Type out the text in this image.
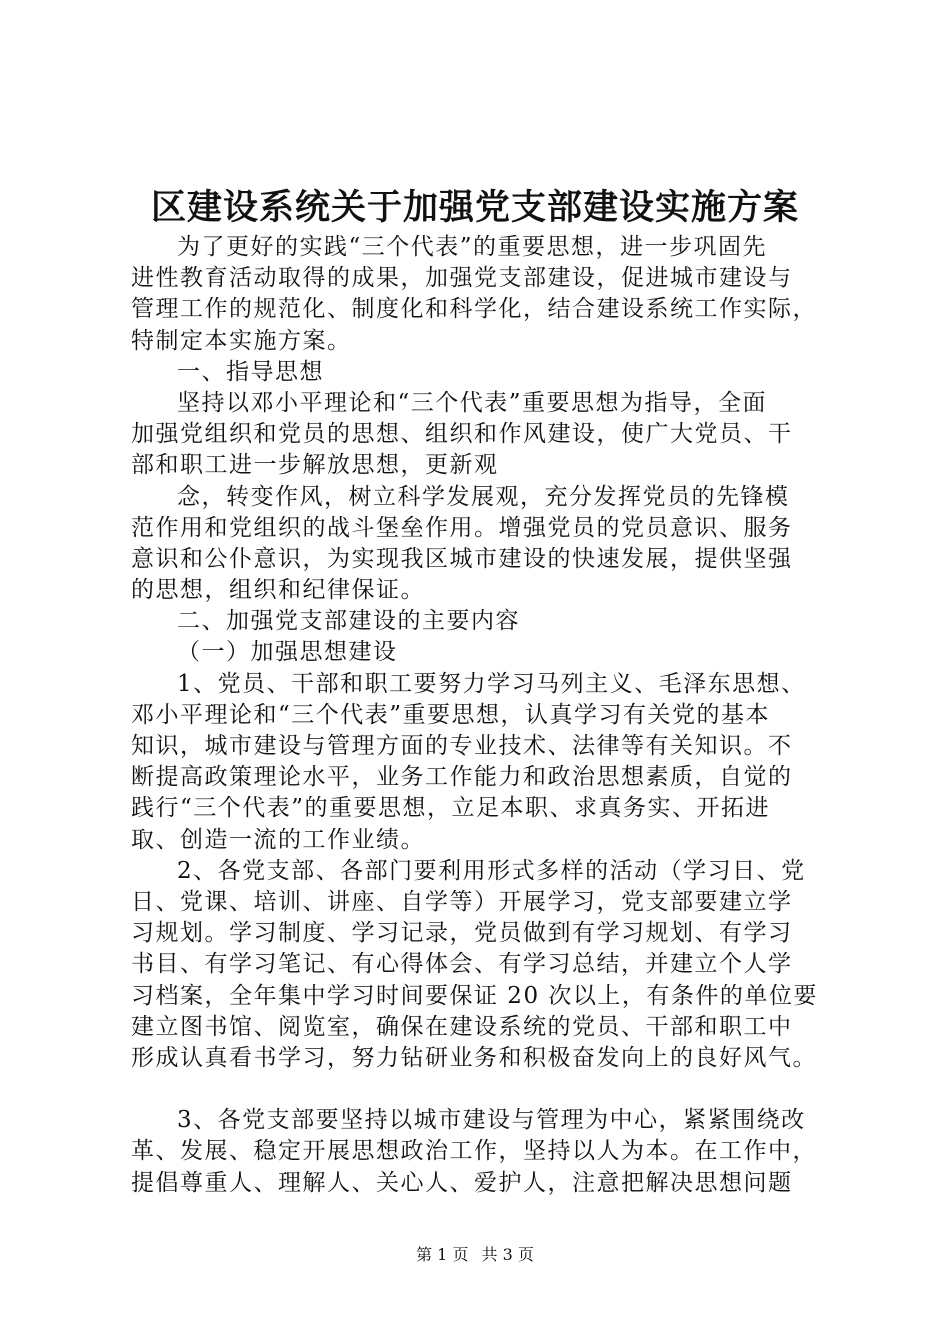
区建设系统关于加强党支部建设实施方案
为了更好的实践“三个代表”的重要思想，进一步巩固先
进性教育活动取得的成果，加强党支部建设，促进城市建设与
管理工作的规范化、制度化和科学化，结合建设系统工作实际，
特制定本实施方案。
一、指导思想
坚持以邓小平理论和“三个代表”重要思想为指导，全面
加强党组织和党员的思想、组织和作风建设，使广大党员、干
部和职工进一步解放思想，更新观
念，转变作风，树立科学发展观，充分发挥党员的先锋模
范作用和党组织的战斗堡垒作用。增强党员的党员意识、服务
意识和公仆意识，为实现我区城市建设的快速发展，提供坚强
的思想，组织和纪律保证。
二、加强党支部建设的主要内容
（一）加强思想建设
1、党员、干部和职工要努力学习马列主义、毛泽东思想、
邓小平理论和“三个代表”重要思想，认真学习有关党的基本
知识，城市建设与管理方面的专业技术、法律等有关知识。不
断提高政策理论水平，业务工作能力和政治思想素质，自觉的
践行“三个代表”的重要思想，立足本职、求真务实、开拓进
取、创造一流的工作业绩。
2、各党支部、各部门要利用形式多样的活动（学习日、党
日、党课、培训、讲座、自学等）开展学习，党支部要建立学
习规划。学习制度、学习记录，党员做到有学习规划、有学习
书目、有学习笔记、有心得体会、有学习总结，并建立个人学
习档案，全年集中学习时间要保证 20 次以上，有条件的单位要
建立图书馆、阅览室，确保在建设系统的党员、干部和职工中
形成认真看书学习，努力钻研业务和积极奋发向上的良好风气。
3、各党支部要坚持以城市建设与管理为中心，紧紧围绕改
革、发展、稳定开展思想政治工作，坚持以人为本。在工作中，
提倡尊重人、理解人、关心人、爱护人，注意把解决思想问题
第 1 页 共 3 页
